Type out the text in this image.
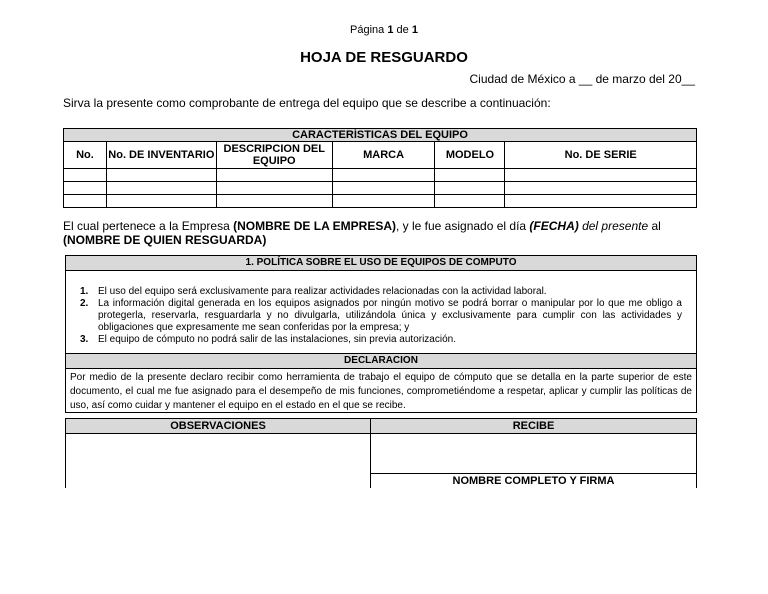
Página 1 de 1
HOJA DE RESGUARDO
Ciudad de México a __ de marzo del 20__
Sirva la presente como comprobante de entrega del equipo que se describe a continuación:
CARACTERÍSTICAS DEL EQUIPO					
No.	No. DE INVENTARIO	DESCRIPCION DEL EQUIPO	MARCA	MODELO	No. DE SERIE

El cual pertenece a la Empresa (NOMBRE DE LA EMPRESA), y le fue asignado el día (FECHA) del presente al (NOMBRE DE QUIEN RESGUARDA)
1. POLÍTICA SOBRE EL USO DE EQUIPOS DE COMPUTO
1. El uso del equipo será exclusivamente para realizar actividades relacionadas con la actividad laboral.
2. La información digital generada en los equipos asignados por ningún motivo se podrá borrar o manipular por lo que me obligo a protegerla, reservarla, resguardarla y no divulgarla, utilizándola única y exclusivamente para cumplir con las actividades y obligaciones que expresamente me sean conferidas por la empresa; y
3. El equipo de cómputo no podrá salir de las instalaciones, sin previa autorización.
DECLARACION
Por medio de la presente declaro recibir como herramienta de trabajo el equipo de cómputo que se detalla en la parte superior de este documento, el cual me fue asignado para el desempeño de mis funciones, comprometiéndome a respetar, aplicar y cumplir las políticas de uso, así como cuidar y mantener el equipo en el estado en el que se recibe.
OBSERVACIONES	RECIBE
NOMBRE COMPLETO Y FIRMA
